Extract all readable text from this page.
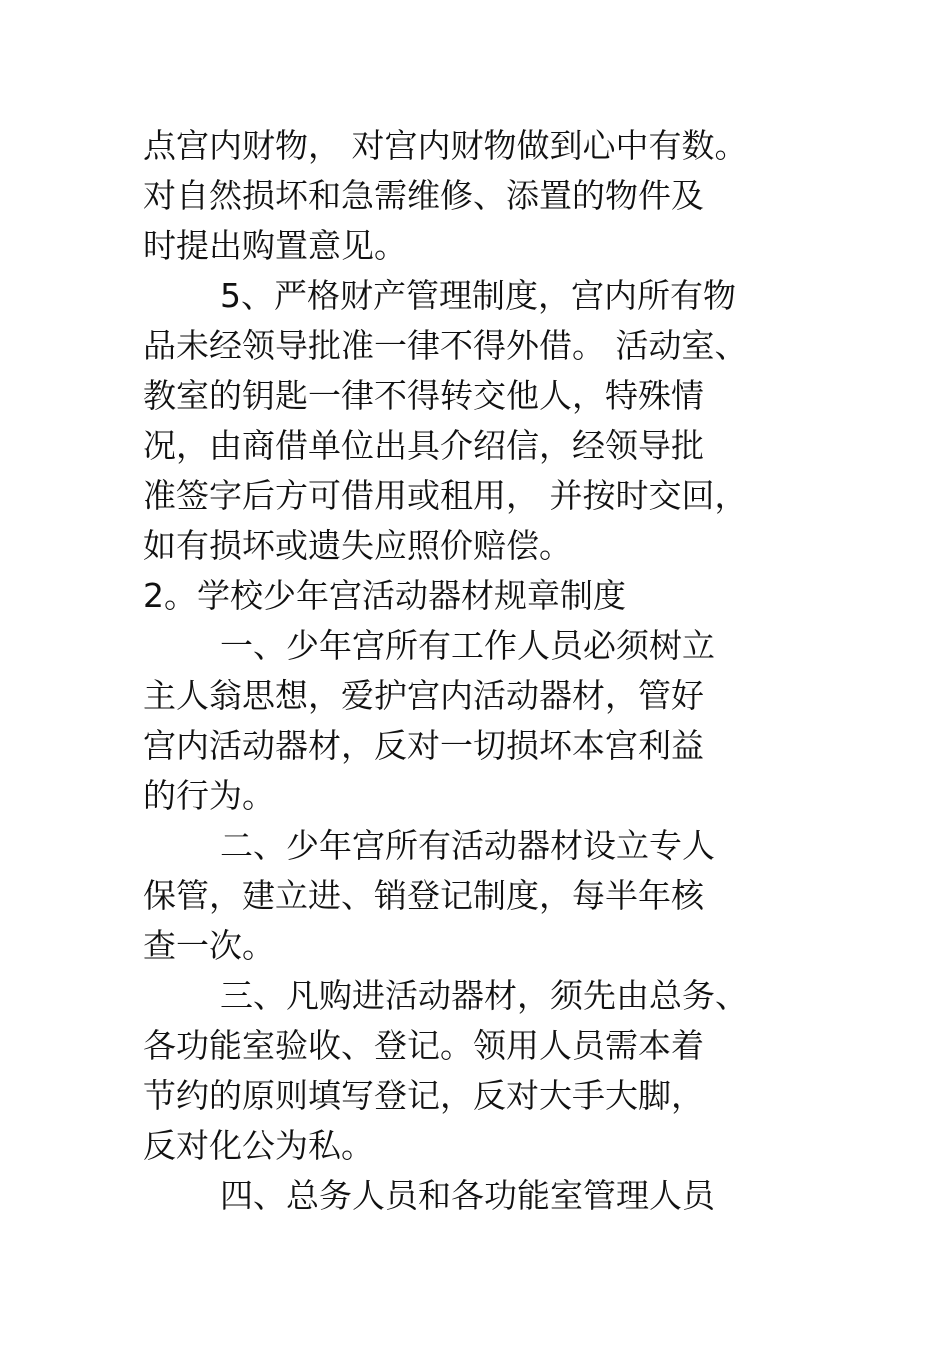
点宫内财物， 对宫内财物做到心中有数。

对自然损坏和急需维修、添置的物件及

时提出购置意见。

5、严格财产管理制度，宫内所有物

品未经领导批准一律不得外借。 活动室、

教室的钥匙一律不得转交他人，特殊情

况，由商借单位出具介绍信，经领导批

准签字后方可借用或租用， 并按时交回，

如有损坏或遗失应照价赔偿。

2。学校少年宫活动器材规章制度

一、少年宫所有工作人员必须树立

主人翁思想，爱护宫内活动器材，管好

宫内活动器材，反对一切损坏本宫利益

的行为。

二、少年宫所有活动器材设立专人

保管，建立进、销登记制度，每半年核

查一次。

三、凡购进活动器材，须先由总务、

各功能室验收、登记。领用人员需本着

节约的原则填写登记，反对大手大脚，

反对化公为私。

四、总务人员和各功能室管理人员
